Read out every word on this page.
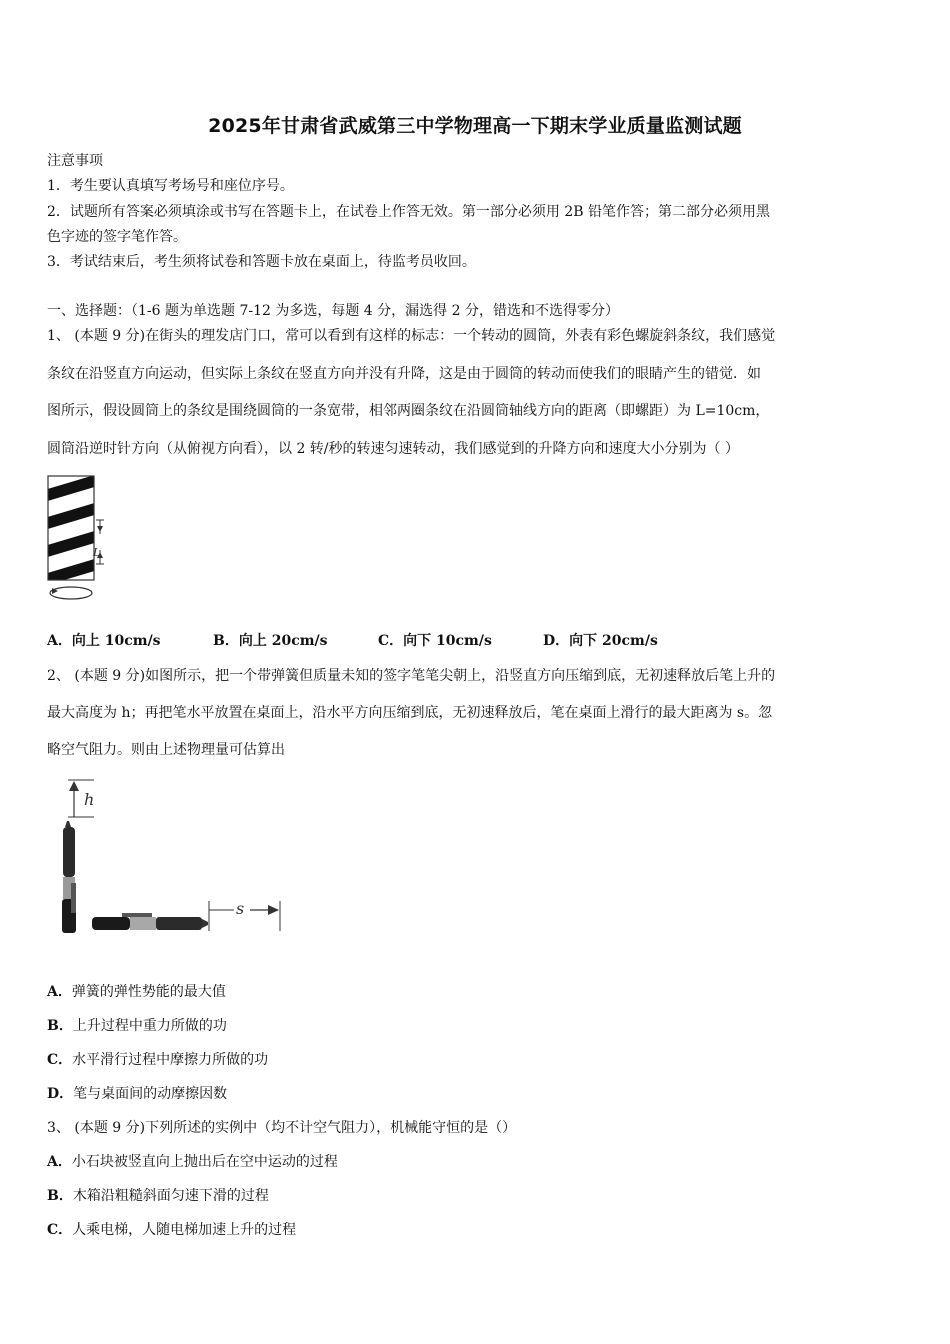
2025年甘肃省武威第三中学物理高一下期末学业质量监测试题
注意事项
1．考生要认真填写考场号和座位序号。
2．试题所有答案必须填涂或书写在答题卡上，在试卷上作答无效。第一部分必须用 2B 铅笔作答；第二部分必须用黑
色字迹的签字笔作答。
3．考试结束后，考生须将试卷和答题卡放在桌面上，待监考员收回。
一、选择题：（1-6 题为单选题 7-12 为多选，每题 4 分，漏选得 2 分，错选和不选得零分）
1、 (本题 9 分)在街头的理发店门口，常可以看到有这样的标志：一个转动的圆筒，外表有彩色螺旋斜条纹，我们感觉
条纹在沿竖直方向运动，但实际上条纹在竖直方向并没有升降，这是由于圆筒的转动而使我们的眼睛产生的错觉．如
图所示，假设圆筒上的条纹是围绕圆筒的一条宽带，相邻两圈条纹在沿圆筒轴线方向的距离（即螺距）为 L=10cm，
圆筒沿逆时针方向（从俯视方向看），以 2 转/秒的转速匀速转动，我们感觉到的升降方向和速度大小分别为（ ）
L
A．向上 10cm/s	B．向上 20cm/s	C．向下 10cm/s	D．向下 20cm/s
2、 (本题 9 分)如图所示，把一个带弹簧但质量未知的签字笔笔尖朝上，沿竖直方向压缩到底，无初速释放后笔上升的
最大高度为 h；再把笔水平放置在桌面上，沿水平方向压缩到底，无初速释放后，笔在桌面上滑行的最大距离为 s。忽
略空气阻力。则由上述物理量可估算出
h
s
A．弹簧的弹性势能的最大值
B．上升过程中重力所做的功
C．水平滑行过程中摩擦力所做的功
D．笔与桌面间的动摩擦因数
3、 (本题 9 分)下列所述的实例中（均不计空气阻力），机械能守恒的是（）
A．小石块被竖直向上抛出后在空中运动的过程
B．木箱沿粗糙斜面匀速下滑的过程
C．人乘电梯，人随电梯加速上升的过程
